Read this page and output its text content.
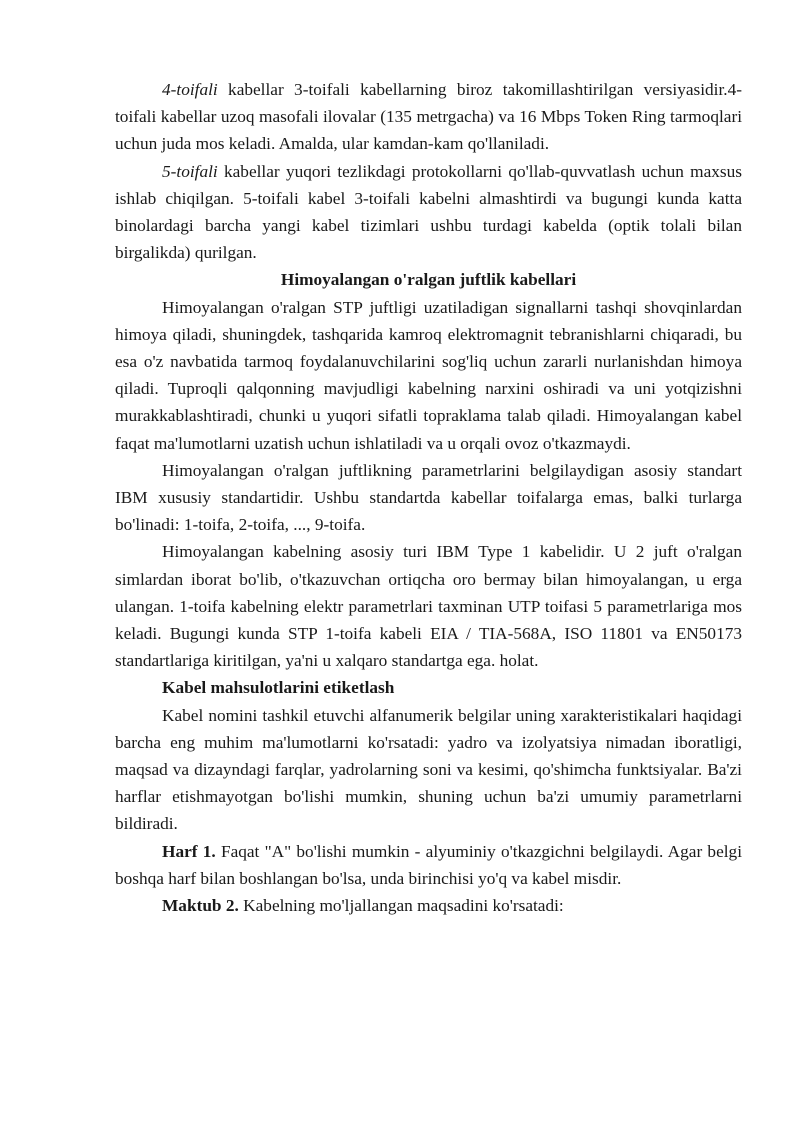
4-toifali kabellar 3-toifali kabellarning biroz takomillashtirilgan versiyasidir.4-toifali kabellar uzoq masofali ilovalar (135 metrgacha) va 16 Mbps Token Ring tarmoqlari uchun juda mos keladi. Amalda, ular kamdan-kam qo'llaniladi.

5-toifali kabellar yuqori tezlikdagi protokollarni qo'llab-quvvatlash uchun maxsus ishlab chiqilgan. 5-toifali kabel 3-toifali kabelni almashtirdi va bugungi kunda katta binolardagi barcha yangi kabel tizimlari ushbu turdagi kabelda (optik tolali bilan birgalikda) qurilgan.

Himoyalangan o'ralgan juftlik kabellari

Himoyalangan o'ralgan STP juftligi uzatiladigan signallarni tashqi shovqinlardan himoya qiladi, shuningdek, tashqarida kamroq elektromagnit tebranishlarni chiqaradi, bu esa o'z navbatida tarmoq foydalanuvchilarini sog'liq uchun zararli nurlanishdan himoya qiladi. Tuproqli qalqonning mavjudligi kabelning narxini oshiradi va uni yotqizishni murakkablashtiradi, chunki u yuqori sifatli topraklama talab qiladi. Himoyalangan kabel faqat ma'lumotlarni uzatish uchun ishlatiladi va u orqali ovoz o'tkazmaydi.

Himoyalangan o'ralgan juftlikning parametrlarini belgilaydigan asosiy standart IBM xususiy standartidir. Ushbu standartda kabellar toifalarga emas, balki turlarga bo'linadi: 1-toifa, 2-toifa, ..., 9-toifa.

Himoyalangan kabelning asosiy turi IBM Type 1 kabelidir. U 2 juft o'ralgan simlardan iborat bo'lib, o'tkazuvchan ortiqcha oro bermay bilan himoyalangan, u erga ulangan. 1-toifa kabelning elektr parametrlari taxminan UTP toifasi 5 parametrlariga mos keladi. Bugungi kunda STP 1-toifa kabeli EIA / TIA-568A, ISO 11801 va EN50173 standartlariga kiritilgan, ya'ni u xalqaro standartga ega. holat.

Kabel mahsulotlarini etiketlash

Kabel nomini tashkil etuvchi alfanumerik belgilar uning xarakteristikalari haqidagi barcha eng muhim ma'lumotlarni ko'rsatadi: yadro va izolyatsiya nimadan iboratligi, maqsad va dizayndagi farqlar, yadrolarning soni va kesimi, qo'shimcha funktsiyalar. Ba'zi harflar etishmayotgan bo'lishi mumkin, shuning uchun ba'zi umumiy parametrlarni bildiradi.

Harf 1. Faqat "A" bo'lishi mumkin - alyuminiy o'tkazgichni belgilaydi. Agar belgi boshqa harf bilan boshlangan bo'lsa, unda birinchisi yo'q va kabel misdir.

Maktub 2. Kabelning mo'ljallangan maqsadini ko'rsatadi:
